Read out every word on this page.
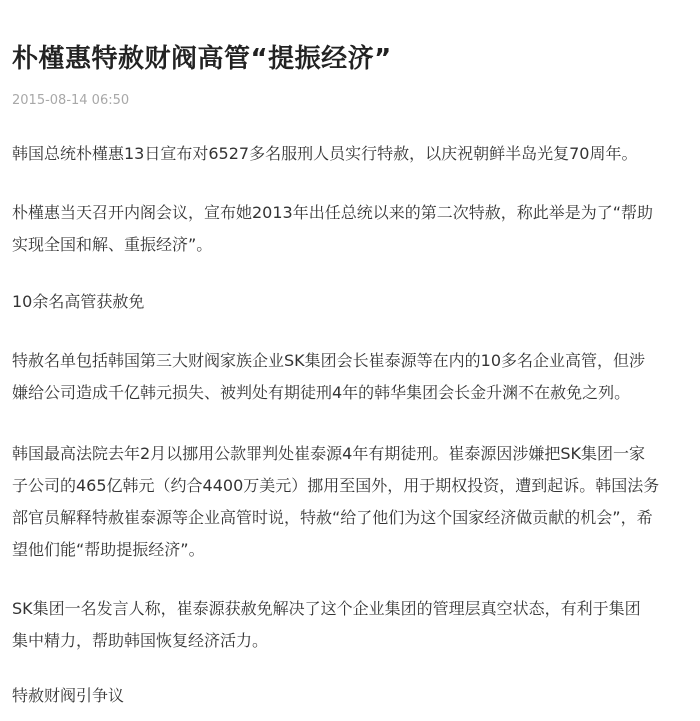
朴槿惠特赦财阀高管“提振经济”
2015-08-14 06:50
韩国总统朴槿惠13日宣布对6527多名服刑人员实行特赦，以庆祝朝鲜半岛光复70周年。
朴槿惠当天召开内阁会议，宣布她2013年出任总统以来的第二次特赦，称此举是为了“帮助
实现全国和解、重振经济”。
10余名高管获赦免
特赦名单包括韩国第三大财阀家族企业SK集团会长崔泰源等在内的10多名企业高管，但涉
嫌给公司造成千亿韩元损失、被判处有期徒刑4年的韩华集团会长金升渊不在赦免之列。
韩国最高法院去年2月以挪用公款罪判处崔泰源4年有期徒刑。崔泰源因涉嫌把SK集团一家
子公司的465亿韩元（约合4400万美元）挪用至国外，用于期权投资，遭到起诉。韩国法务
部官员解释特赦崔泰源等企业高管时说，特赦“给了他们为这个国家经济做贡献的机会”，希
望他们能“帮助提振经济”。
SK集团一名发言人称，崔泰源获赦免解决了这个企业集团的管理层真空状态，有利于集团
集中精力，帮助韩国恢复经济活力。
特赦财阀引争议
